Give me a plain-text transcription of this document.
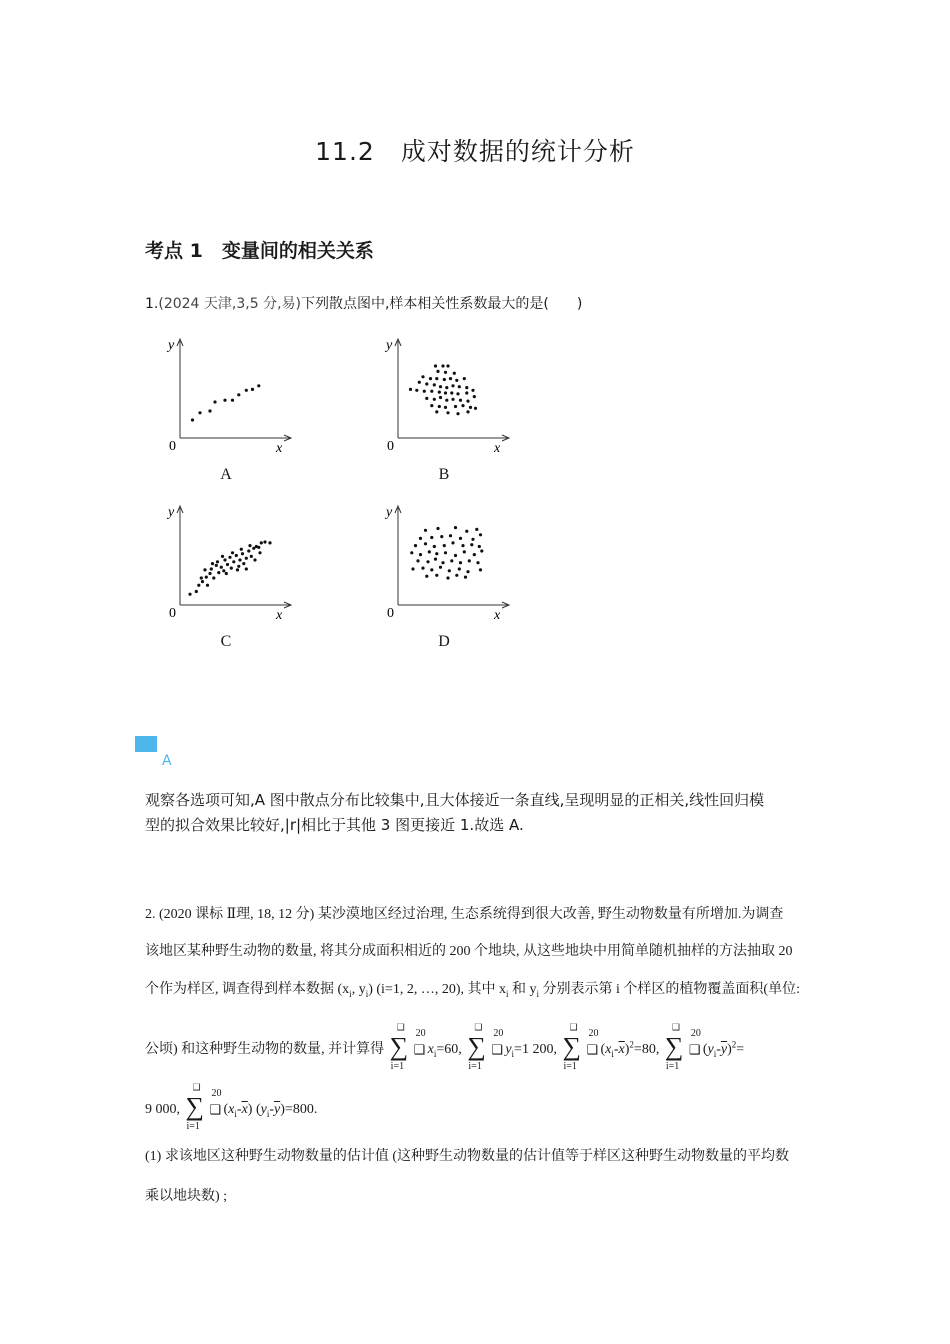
11.2　成对数据的统计分析
考点 1　变量间的相关关系
1.(2024 天津,3,5 分,易)下列散点图中,样本相关性系数最大的是(　　)
y
x
0
A
y
x
0
B
y
x
0
C
y
x
0
D
A
观察各选项可知,A 图中散点分布比较集中,且大体接近一条直线,呈现明显的正相关,线性回归模
型的拟合效果比较好,|r|相比于其他 3 图更接近 1.故选 A.
2. (2020 课标 Ⅱ理, 18, 12 分) 某沙漠地区经过治理, 生态系统得到很大改善, 野生动物数量有所增加.为调查
该地区某种野生动物的数量, 将其分成面积相近的 200 个地块, 从这些地块中用简单随机抽样的方法抽取 20
个作为样区, 调查得到样本数据 ($x_i$, $y_i$) (i=1, 2, …, 20), 其中 $x_i$ 和 $y_i$ 分别表示第 i 个样区的植物覆盖面积(单位:
公顷) 和这种野生动物的数量, 并计算得
❑
∑
i=1
20
❑ $x_i=60$,
❑
∑
i=1
20
❑ $y_i=1$ 200,
❑
∑
i=1
20
❑ $(x_i-\overline{x})^2=80$,
❑
∑
i=1
20
❑ $(y_i-\overline{y})^2=$
9 000,
❑
∑
i=1
20
❑ $(x_i-\overline{x})$ $(y_i-\overline{y})=800$.
(1) 求该地区这种野生动物数量的估计值 (这种野生动物数量的估计值等于样区这种野生动物数量的平均数
乘以地块数) ;
